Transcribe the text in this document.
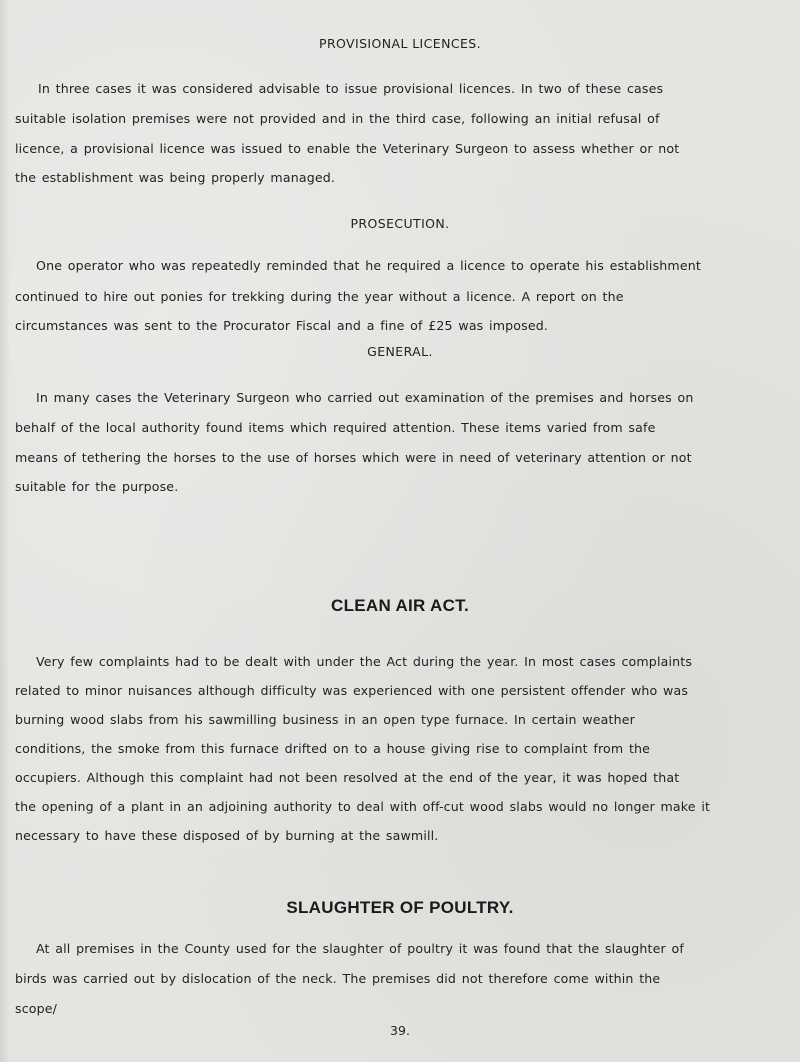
PROVISIONAL LICENCES.
In three cases it was considered advisable to issue provisional licences. In two of these cases
suitable isolation premises were not provided and in the third case, following an initial refusal of
licence, a provisional licence was issued to enable the Veterinary Surgeon to assess whether or not
the establishment was being properly managed.
PROSECUTION.
One operator who was repeatedly reminded that he required a licence to operate his establishment
continued to hire out ponies for trekking during the year without a licence. A report on the
circumstances was sent to the Procurator Fiscal and a fine of £25 was imposed.
GENERAL.
In many cases the Veterinary Surgeon who carried out examination of the premises and horses on
behalf of the local authority found items which required attention. These items varied from safe
means of tethering the horses to the use of horses which were in need of veterinary attention or not
suitable for the purpose.
CLEAN AIR ACT.
Very few complaints had to be dealt with under the Act during the year. In most cases complaints
related to minor nuisances although difficulty was experienced with one persistent offender who was
burning wood slabs from his sawmilling business in an open type furnace. In certain weather
conditions, the smoke from this furnace drifted on to a house giving rise to complaint from the
occupiers. Although this complaint had not been resolved at the end of the year, it was hoped that
the opening of a plant in an adjoining authority to deal with off-cut wood slabs would no longer make it
necessary to have these disposed of by burning at the sawmill.
SLAUGHTER OF POULTRY.
At all premises in the County used for the slaughter of poultry it was found that the slaughter of
birds was carried out by dislocation of the neck. The premises did not therefore come within the
scope/
39.
